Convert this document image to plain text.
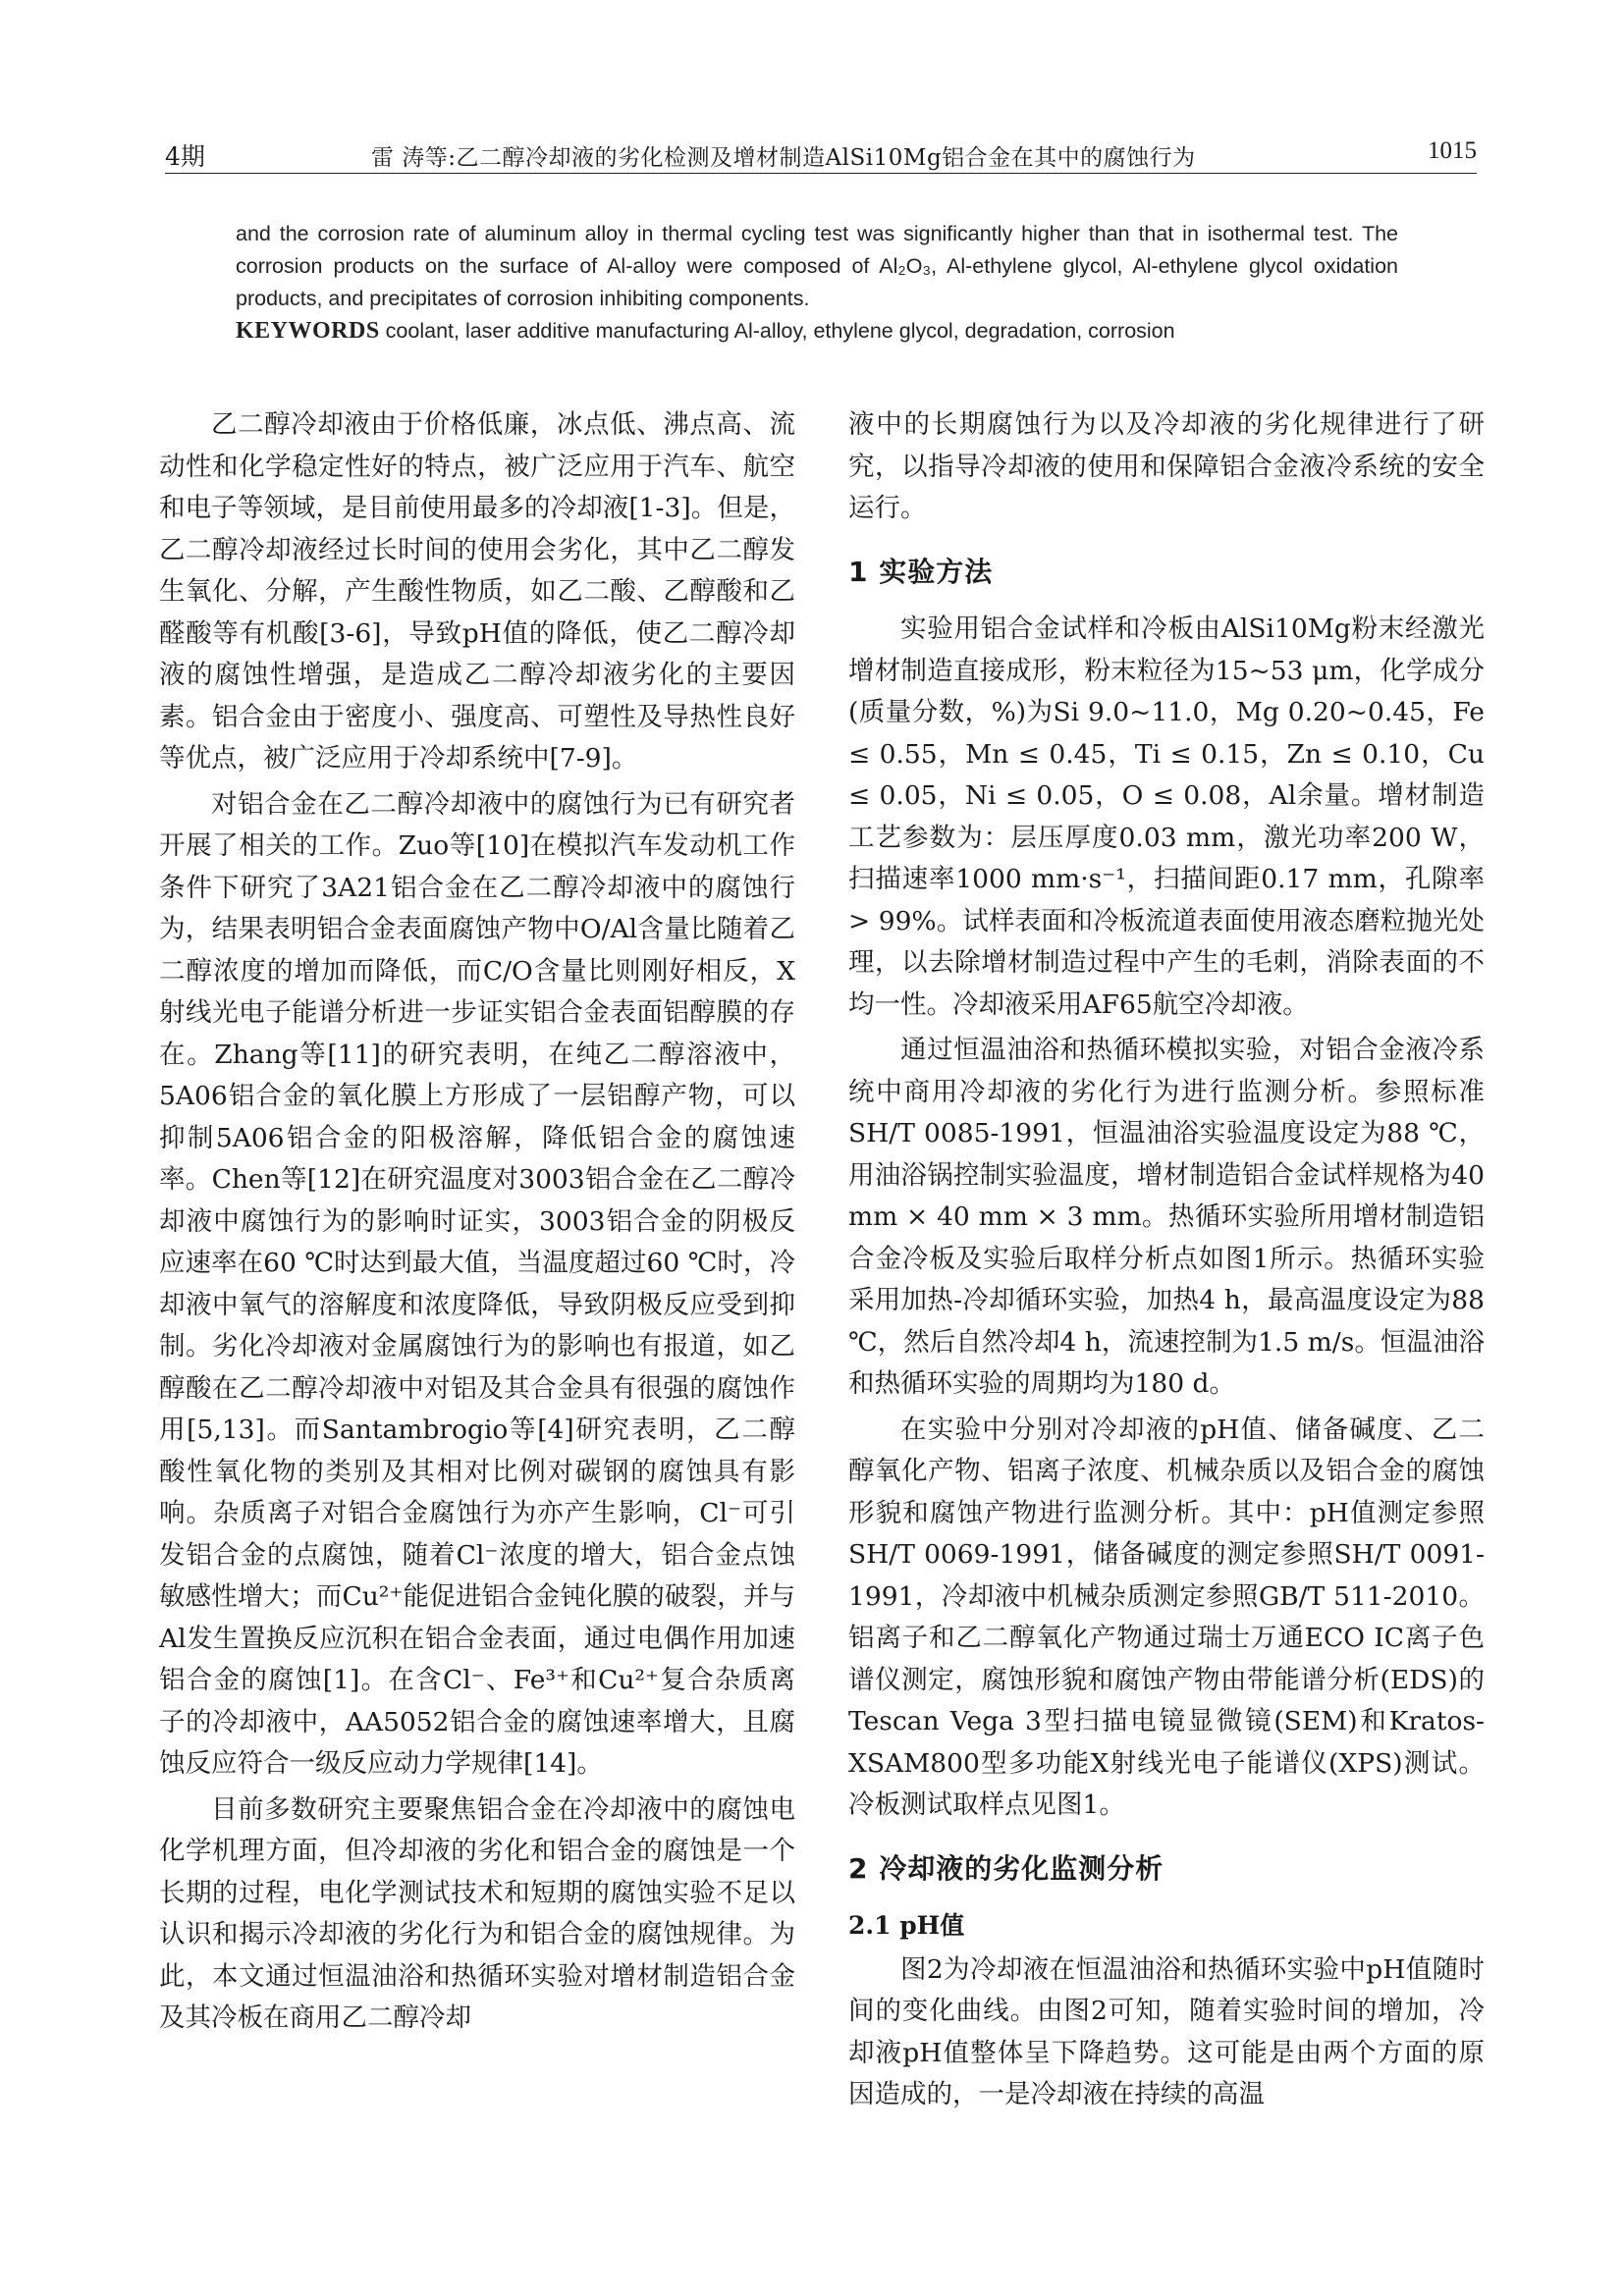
4期	雷 涛等:乙二醇冷却液的劣化检测及增材制造AlSi10Mg铝合金在其中的腐蚀行为	1015

and the corrosion rate of aluminum alloy in thermal cycling test was significantly higher than that in isothermal test. The corrosion products on the surface of Al-alloy were composed of Al₂O₃, Al-ethylene glycol, Al-ethylene glycol oxidation products, and precipitates of corrosion inhibiting components.

KEYWORDS coolant, laser additive manufacturing Al-alloy, ethylene glycol, degradation, corrosion

乙二醇冷却液由于价格低廉，冰点低、沸点高、流动性和化学稳定性好的特点，被广泛应用于汽车、航空和电子等领域，是目前使用最多的冷却液[1-3]。但是，乙二醇冷却液经过长时间的使用会劣化，其中乙二醇发生氧化、分解，产生酸性物质，如乙二酸、乙醇酸和乙醛酸等有机酸[3-6]，导致pH值的降低，使乙二醇冷却液的腐蚀性增强，是造成乙二醇冷却液劣化的主要因素。铝合金由于密度小、强度高、可塑性及导热性良好等优点，被广泛应用于冷却系统中[7-9]。

对铝合金在乙二醇冷却液中的腐蚀行为已有研究者开展了相关的工作。Zuo等[10]在模拟汽车发动机工作条件下研究了3A21铝合金在乙二醇冷却液中的腐蚀行为，结果表明铝合金表面腐蚀产物中O/Al含量比随着乙二醇浓度的增加而降低，而C/O含量比则刚好相反，X射线光电子能谱分析进一步证实铝合金表面铝醇膜的存在。Zhang等[11]的研究表明，在纯乙二醇溶液中，5A06铝合金的氧化膜上方形成了一层铝醇产物，可以抑制5A06铝合金的阳极溶解，降低铝合金的腐蚀速率。Chen等[12]在研究温度对3003铝合金在乙二醇冷却液中腐蚀行为的影响时证实，3003铝合金的阴极反应速率在60 ℃时达到最大值，当温度超过60 ℃时，冷却液中氧气的溶解度和浓度降低，导致阴极反应受到抑制。劣化冷却液对金属腐蚀行为的影响也有报道，如乙醇酸在乙二醇冷却液中对铝及其合金具有很强的腐蚀作用[5,13]。而Santambrogio等[4]研究表明，乙二醇酸性氧化物的类别及其相对比例对碳钢的腐蚀具有影响。杂质离子对铝合金腐蚀行为亦产生影响，Cl⁻可引发铝合金的点腐蚀，随着Cl⁻浓度的增大，铝合金点蚀敏感性增大；而Cu²⁺能促进铝合金钝化膜的破裂，并与Al发生置换反应沉积在铝合金表面，通过电偶作用加速铝合金的腐蚀[1]。在含Cl⁻、Fe³⁺和Cu²⁺复合杂质离子的冷却液中，AA5052铝合金的腐蚀速率增大，且腐蚀反应符合一级反应动力学规律[14]。

目前多数研究主要聚焦铝合金在冷却液中的腐蚀电化学机理方面，但冷却液的劣化和铝合金的腐蚀是一个长期的过程，电化学测试技术和短期的腐蚀实验不足以认识和揭示冷却液的劣化行为和铝合金的腐蚀规律。为此，本文通过恒温油浴和热循环实验对增材制造铝合金及其冷板在商用乙二醇冷却

液中的长期腐蚀行为以及冷却液的劣化规律进行了研究，以指导冷却液的使用和保障铝合金液冷系统的安全运行。

1 实验方法

实验用铝合金试样和冷板由AlSi10Mg粉末经激光增材制造直接成形，粉末粒径为15~53 μm，化学成分(质量分数，%)为Si 9.0~11.0，Mg 0.20~0.45，Fe ≤ 0.55，Mn ≤ 0.45，Ti ≤ 0.15，Zn ≤ 0.10，Cu ≤ 0.05，Ni ≤ 0.05，O ≤ 0.08，Al余量。增材制造工艺参数为：层压厚度0.03 mm，激光功率200 W，扫描速率1000 mm·s⁻¹，扫描间距0.17 mm，孔隙率> 99%。试样表面和冷板流道表面使用液态磨粒抛光处理，以去除增材制造过程中产生的毛刺，消除表面的不均一性。冷却液采用AF65航空冷却液。

通过恒温油浴和热循环模拟实验，对铝合金液冷系统中商用冷却液的劣化行为进行监测分析。参照标准SH/T 0085-1991，恒温油浴实验温度设定为88 ℃，用油浴锅控制实验温度，增材制造铝合金试样规格为40 mm × 40 mm × 3 mm。热循环实验所用增材制造铝合金冷板及实验后取样分析点如图1所示。热循环实验采用加热-冷却循环实验，加热4 h，最高温度设定为88 ℃，然后自然冷却4 h，流速控制为1.5 m/s。恒温油浴和热循环实验的周期均为180 d。

在实验中分别对冷却液的pH值、储备碱度、乙二醇氧化产物、铝离子浓度、机械杂质以及铝合金的腐蚀形貌和腐蚀产物进行监测分析。其中：pH值测定参照SH/T 0069-1991，储备碱度的测定参照SH/T 0091-1991，冷却液中机械杂质测定参照GB/T 511-2010。铝离子和乙二醇氧化产物通过瑞士万通ECO IC离子色谱仪测定，腐蚀形貌和腐蚀产物由带能谱分析(EDS)的Tescan Vega 3型扫描电镜显微镜(SEM)和Kratos-XSAM800型多功能X射线光电子能谱仪(XPS)测试。冷板测试取样点见图1。

2 冷却液的劣化监测分析
2.1 pH值

图2为冷却液在恒温油浴和热循环实验中pH值随时间的变化曲线。由图2可知，随着实验时间的增加，冷却液pH值整体呈下降趋势。这可能是由两个方面的原因造成的，一是冷却液在持续的高温
